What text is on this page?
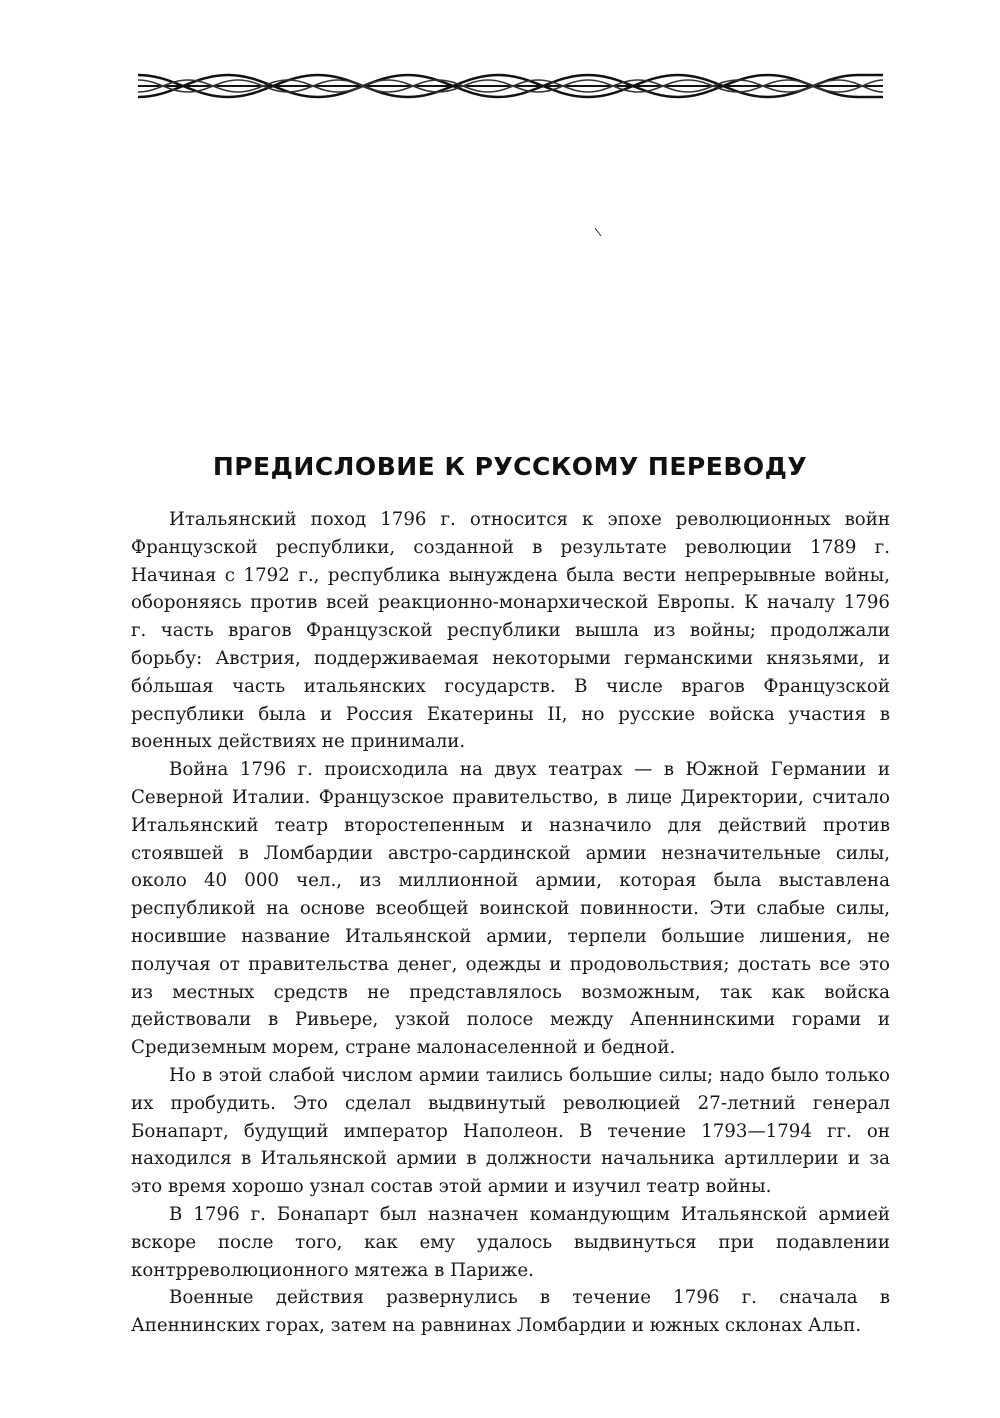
ПРЕДИСЛОВИЕ К РУССКОМУ ПЕРЕВОДУ

Итальянский поход 1796 г. относится к эпохе революционных войн Французской республики, созданной в результате революции 1789 г. Начиная с 1792 г., республика вынуждена была вести непрерывные войны, обороняясь против всей реакционно-монархической Европы. К началу 1796 г. часть врагов Французской республики вышла из войны; продолжали борьбу: Австрия, поддерживаемая некоторыми германскими князьями, и бóльшая часть итальянских государств. В числе врагов Французской республики была и Россия Екатерины II, но русские войска участия в военных действиях не принимали.

Война 1796 г. происходила на двух театрах — в Южной Германии и Северной Италии. Французское правительство, в лице Директории, считало Итальянский театр второстепенным и назначило для действий против стоявшей в Ломбардии австро-сардинской армии незначительные силы, около 40 000 чел., из миллионной армии, которая была выставлена республикой на основе всеобщей воинской повинности. Эти слабые силы, носившие название Итальянской армии, терпели большие лишения, не получая от правительства денег, одежды и продовольствия; достать все это из местных средств не представлялось возможным, так как войска действовали в Ривьере, узкой полосе между Апеннинскими горами и Средиземным морем, стране малонаселенной и бедной.

Но в этой слабой числом армии таились большие силы; надо было только их пробудить. Это сделал выдвинутый революцией 27-летний генерал Бонапарт, будущий император Наполеон. В течение 1793—1794 гг. он находился в Итальянской армии в должности начальника артиллерии и за это время хорошо узнал состав этой армии и изучил театр войны.

В 1796 г. Бонапарт был назначен командующим Итальянской армией вскоре после того, как ему удалось выдвинуться при подавлении контрреволюционного мятежа в Париже.

Военные действия развернулись в течение 1796 г. сначала в Апеннинских горах, затем на равнинах Ломбардии и южных склонах Альп.
